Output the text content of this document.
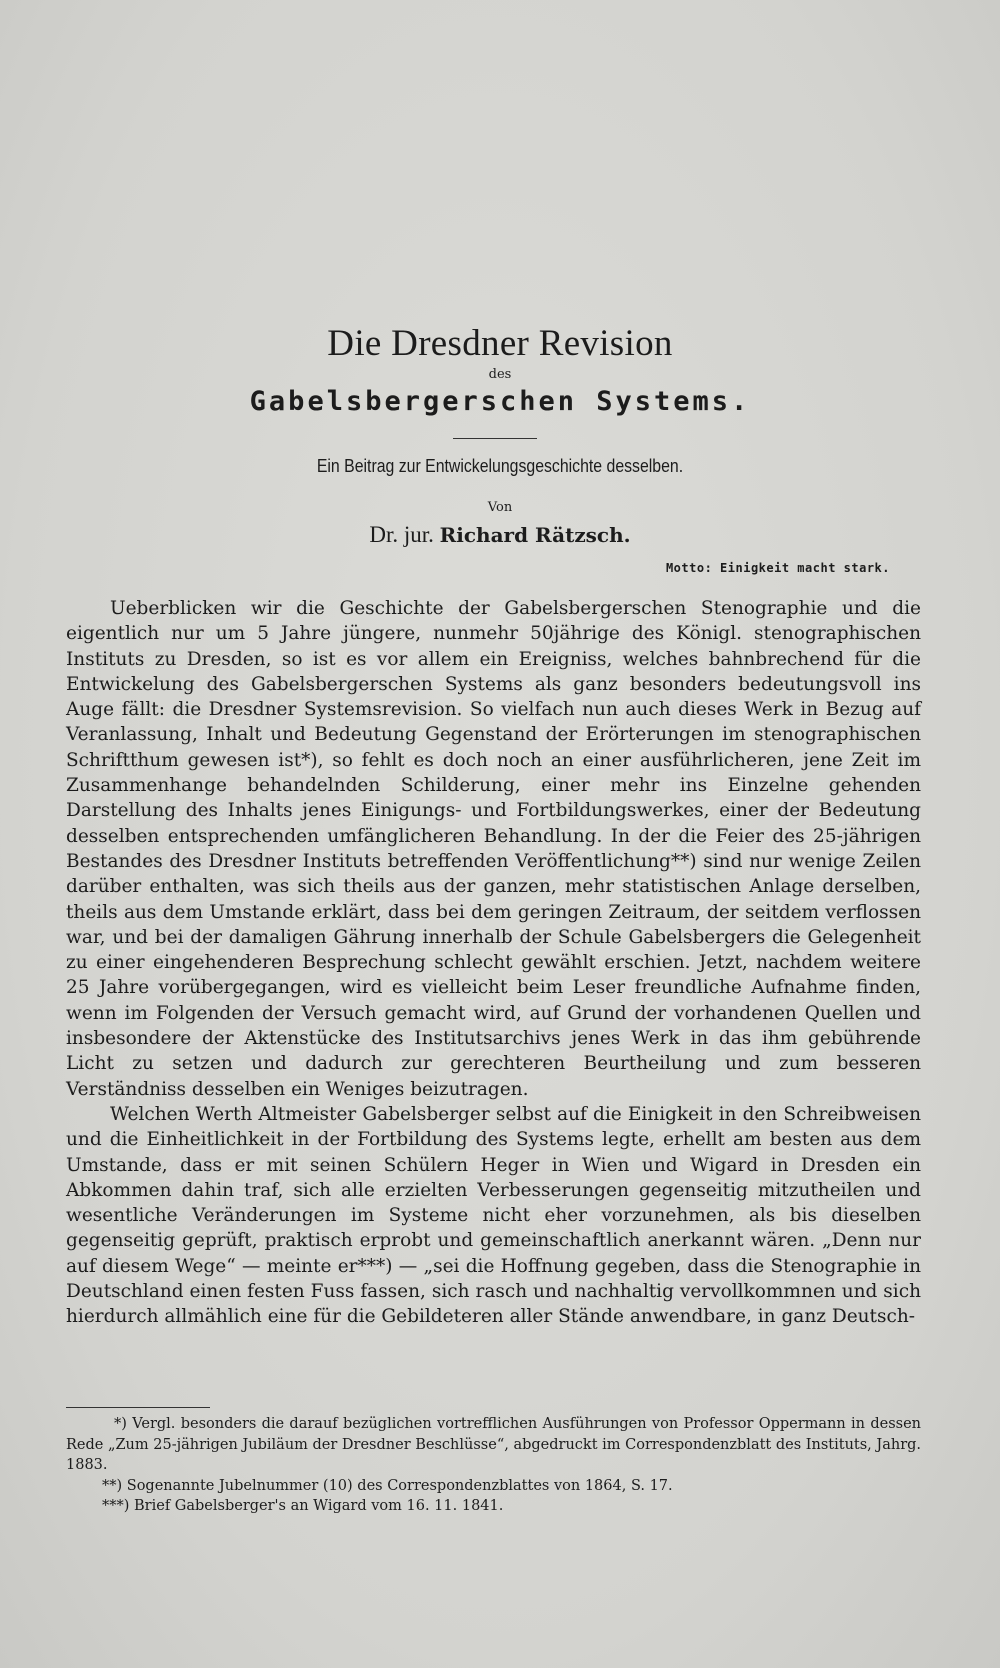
Die Dresdner Revision
des
Gabelsbergerschen Systems.
Ein Beitrag zur Entwickelungsgeschichte desselben.
Von
Dr. jur. Richard Rätzsch.
Motto: Einigkeit macht stark.

Ueberblicken wir die Geschichte der Gabelsbergerschen Stenographie und die eigentlich nur um 5 Jahre jüngere, nunmehr 50jährige des Königl. stenographischen Instituts zu Dresden, so ist es vor allem ein Ereigniss, welches bahnbrechend für die Entwickelung des Gabelsbergerschen Systems als ganz besonders bedeutungsvoll ins Auge fällt: die Dresdner Systemsrevision. So vielfach nun auch dieses Werk in Bezug auf Veranlassung, Inhalt und Bedeutung Gegenstand der Erörterungen im stenographischen Schriftthum gewesen ist*), so fehlt es doch noch an einer ausführlicheren, jene Zeit im Zusammenhange behandelnden Schilderung, einer mehr ins Einzelne gehenden Darstellung des Inhalts jenes Einigungs- und Fortbildungswerkes, einer der Bedeutung desselben entsprechenden umfänglicheren Behandlung. In der die Feier des 25-jährigen Bestandes des Dresdner Instituts betreffenden Veröffentlichung**) sind nur wenige Zeilen darüber enthalten, was sich theils aus der ganzen, mehr statistischen Anlage derselben, theils aus dem Umstande erklärt, dass bei dem geringen Zeitraum, der seitdem verflossen war, und bei der damaligen Gährung innerhalb der Schule Gabelsbergers die Gelegenheit zu einer eingehenderen Besprechung schlecht gewählt erschien. Jetzt, nachdem weitere 25 Jahre vorübergegangen, wird es vielleicht beim Leser freundliche Aufnahme finden, wenn im Folgenden der Versuch gemacht wird, auf Grund der vorhandenen Quellen und insbesondere der Aktenstücke des Institutsarchivs jenes Werk in das ihm gebührende Licht zu setzen und dadurch zur gerechteren Beurtheilung und zum besseren Verständniss desselben ein Weniges beizutragen.

Welchen Werth Altmeister Gabelsberger selbst auf die Einigkeit in den Schreibweisen und die Einheitlichkeit in der Fortbildung des Systems legte, erhellt am besten aus dem Umstande, dass er mit seinen Schülern Heger in Wien und Wigard in Dresden ein Abkommen dahin traf, sich alle erzielten Verbesserungen gegenseitig mitzutheilen und wesentliche Veränderungen im Systeme nicht eher vorzunehmen, als bis dieselben gegenseitig geprüft, praktisch erprobt und gemeinschaftlich anerkannt wären. „Denn nur auf diesem Wege“ — meinte er***) — „sei die Hoffnung gegeben, dass die Stenographie in Deutschland einen festen Fuss fassen, sich rasch und nachhaltig vervollkommnen und sich hierdurch allmählich eine für die Gebildeteren aller Stände anwendbare, in ganz Deutsch-

*) Vergl. besonders die darauf bezüglichen vortrefflichen Ausführungen von Professor Oppermann in dessen Rede „Zum 25-jährigen Jubiläum der Dresdner Beschlüsse“, abgedruckt im Correspondenzblatt des Instituts, Jahrg. 1883.

**) Sogenannte Jubelnummer (10) des Correspondenzblattes von 1864, S. 17.

***) Brief Gabelsberger's an Wigard vom 16. 11. 1841.
